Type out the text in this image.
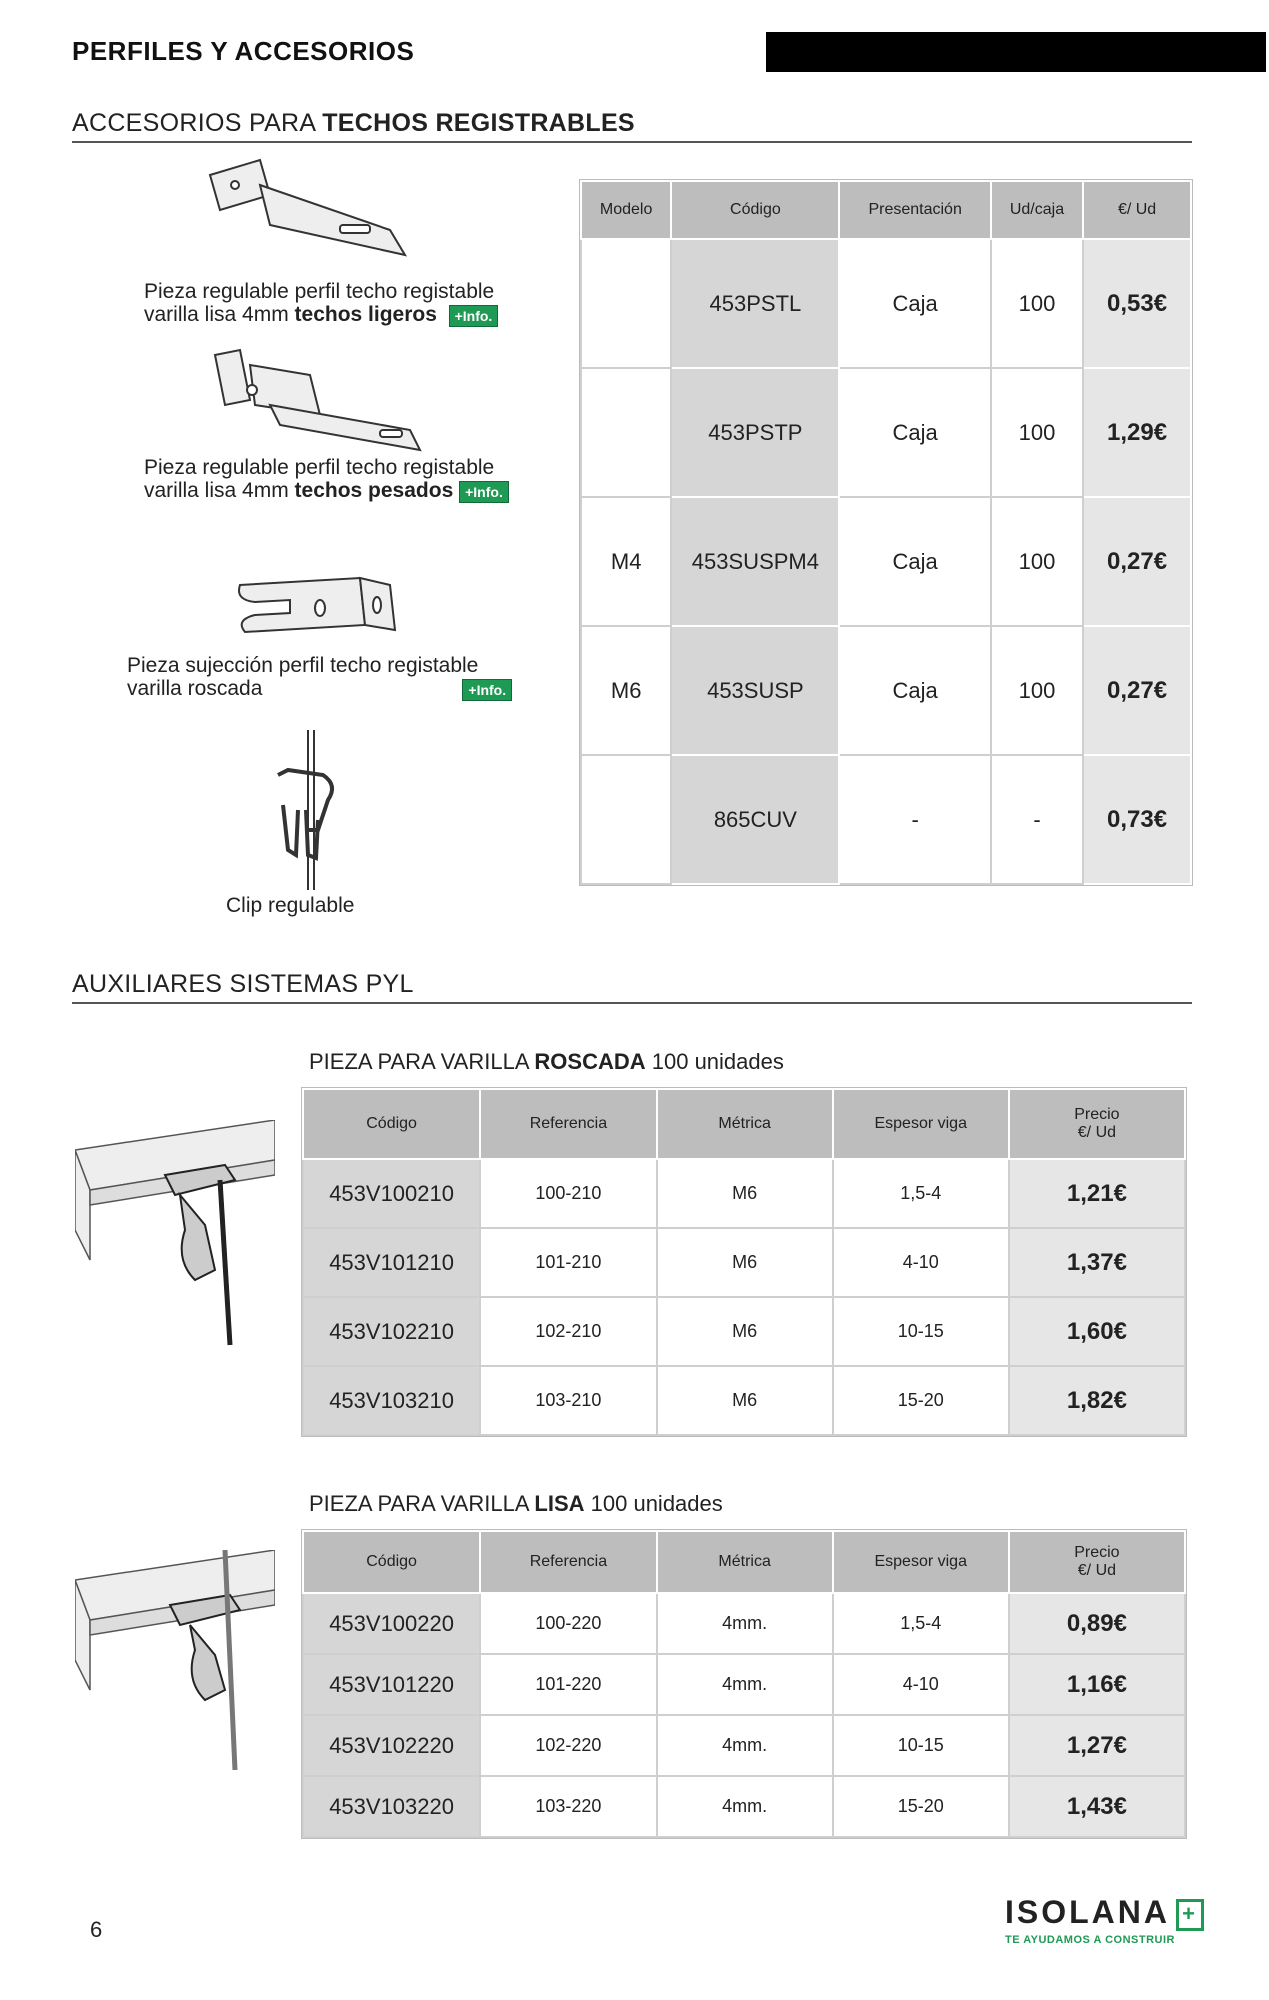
PERFILES Y ACCESORIOS
ACCESORIOS PARA TECHOS REGISTRABLES
Pieza regulable perfil techo registable
varilla lisa 4mm techos ligeros +Info.
Pieza regulable perfil techo registable
varilla lisa 4mm techos pesados +Info.
Pieza sujección perfil techo registable
varilla roscada	+Info.
Clip regulable
Modelo	Código	Presentación	Ud/caja	€/ Ud
	453PSTL	Caja	100	0,53€
	453PSTP	Caja	100	1,29€
M4	453SUSPM4	Caja	100	0,27€
M6	453SUSP	Caja	100	0,27€
	865CUV	-	-	0,73€
AUXILIARES SISTEMAS PYL
PIEZA PARA VARILLA ROSCADA 100 unidades
Código	Referencia	Métrica	Espesor viga	Precio
€/ Ud

453V100210	100-210	M6	1,5-4	1,21€
453V101210	101-210	M6	4-10	1,37€
453V102210	102-210	M6	10-15	1,60€
453V103210	103-210	M6	15-20	1,82€
PIEZA PARA VARILLA LISA 100 unidades
Código	Referencia	Métrica	Espesor viga	Precio
€/ Ud

453V100220	100-220	4mm.	1,5-4	0,89€
453V101220	101-220	4mm.	4-10	1,16€
453V102220	102-220	4mm.	10-15	1,27€
453V103220	103-220	4mm.	15-20	1,43€
6	ISOLANA +
TE AYUDAMOS A CONSTRUIR
